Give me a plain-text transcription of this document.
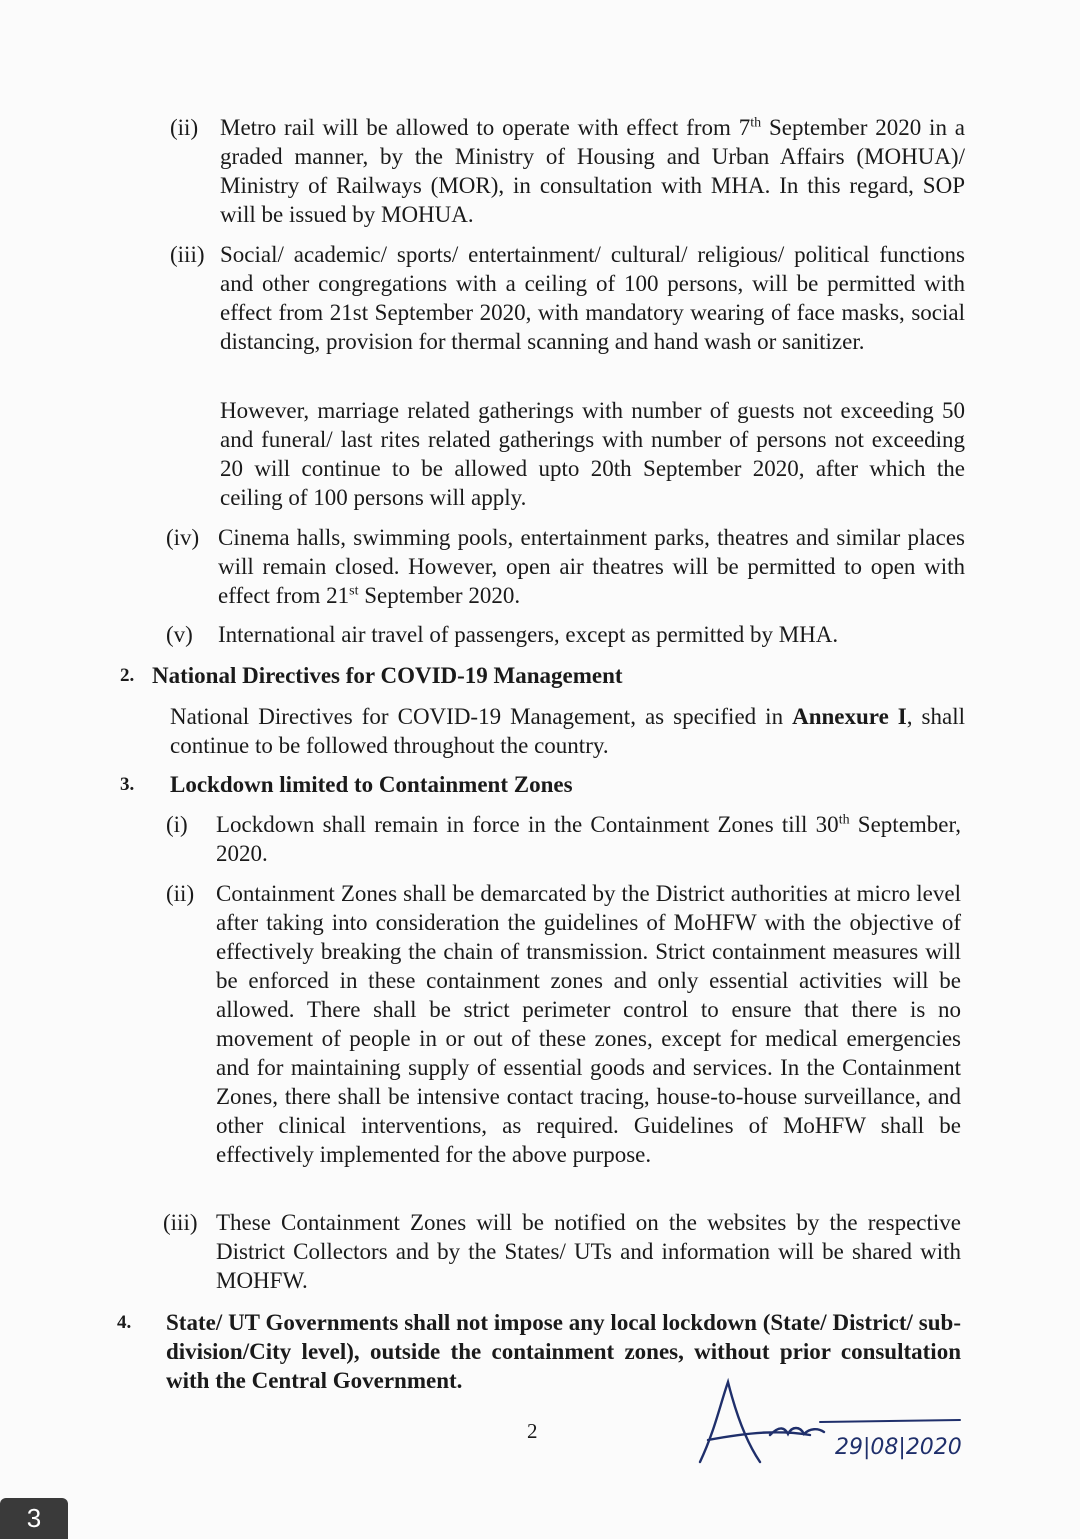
(ii) Metro rail will be allowed to operate with effect from 7th September 2020 in a graded manner, by the Ministry of Housing and Urban Affairs (MOHUA)/ Ministry of Railways (MOR), in consultation with MHA. In this regard, SOP will be issued by MOHUA.
(iii) Social/ academic/ sports/ entertainment/ cultural/ religious/ political functions and other congregations with a ceiling of 100 persons, will be permitted with effect from 21st September 2020, with mandatory wearing of face masks, social distancing, provision for thermal scanning and hand wash or sanitizer.
However, marriage related gatherings with number of guests not exceeding 50 and funeral/ last rites related gatherings with number of persons not exceeding 20 will continue to be allowed upto 20th September 2020, after which the ceiling of 100 persons will apply.
(iv) Cinema halls, swimming pools, entertainment parks, theatres and similar places will remain closed. However, open air theatres will be permitted to open with effect from 21st September 2020.
(v)	International air travel of passengers, except as permitted by MHA.
2. National Directives for COVID-19 Management
National Directives for COVID-19 Management, as specified in Annexure I, shall continue to be followed throughout the country.
3.	Lockdown limited to Containment Zones
(i)	Lockdown shall remain in force in the Containment Zones till 30th September, 2020.
(ii) Containment Zones shall be demarcated by the District authorities at micro level after taking into consideration the guidelines of MoHFW with the objective of effectively breaking the chain of transmission. Strict containment measures will be enforced in these containment zones and only essential activities will be allowed. There shall be strict perimeter control to ensure that there is no movement of people in or out of these zones, except for medical emergencies and for maintaining supply of essential goods and services. In the Containment Zones, there shall be intensive contact tracing, house-to-house surveillance, and other clinical interventions, as required. Guidelines of MoHFW shall be effectively implemented for the above purpose.
(iii) These Containment Zones will be notified on the websites by the respective District Collectors and by the States/ UTs and information will be shared with MOHFW.
4.	State/ UT Governments shall not impose any local lockdown (State/ District/ sub-division/City level), outside the containment zones, without prior consultation with the Central Government.
2
29|08|2020
3
